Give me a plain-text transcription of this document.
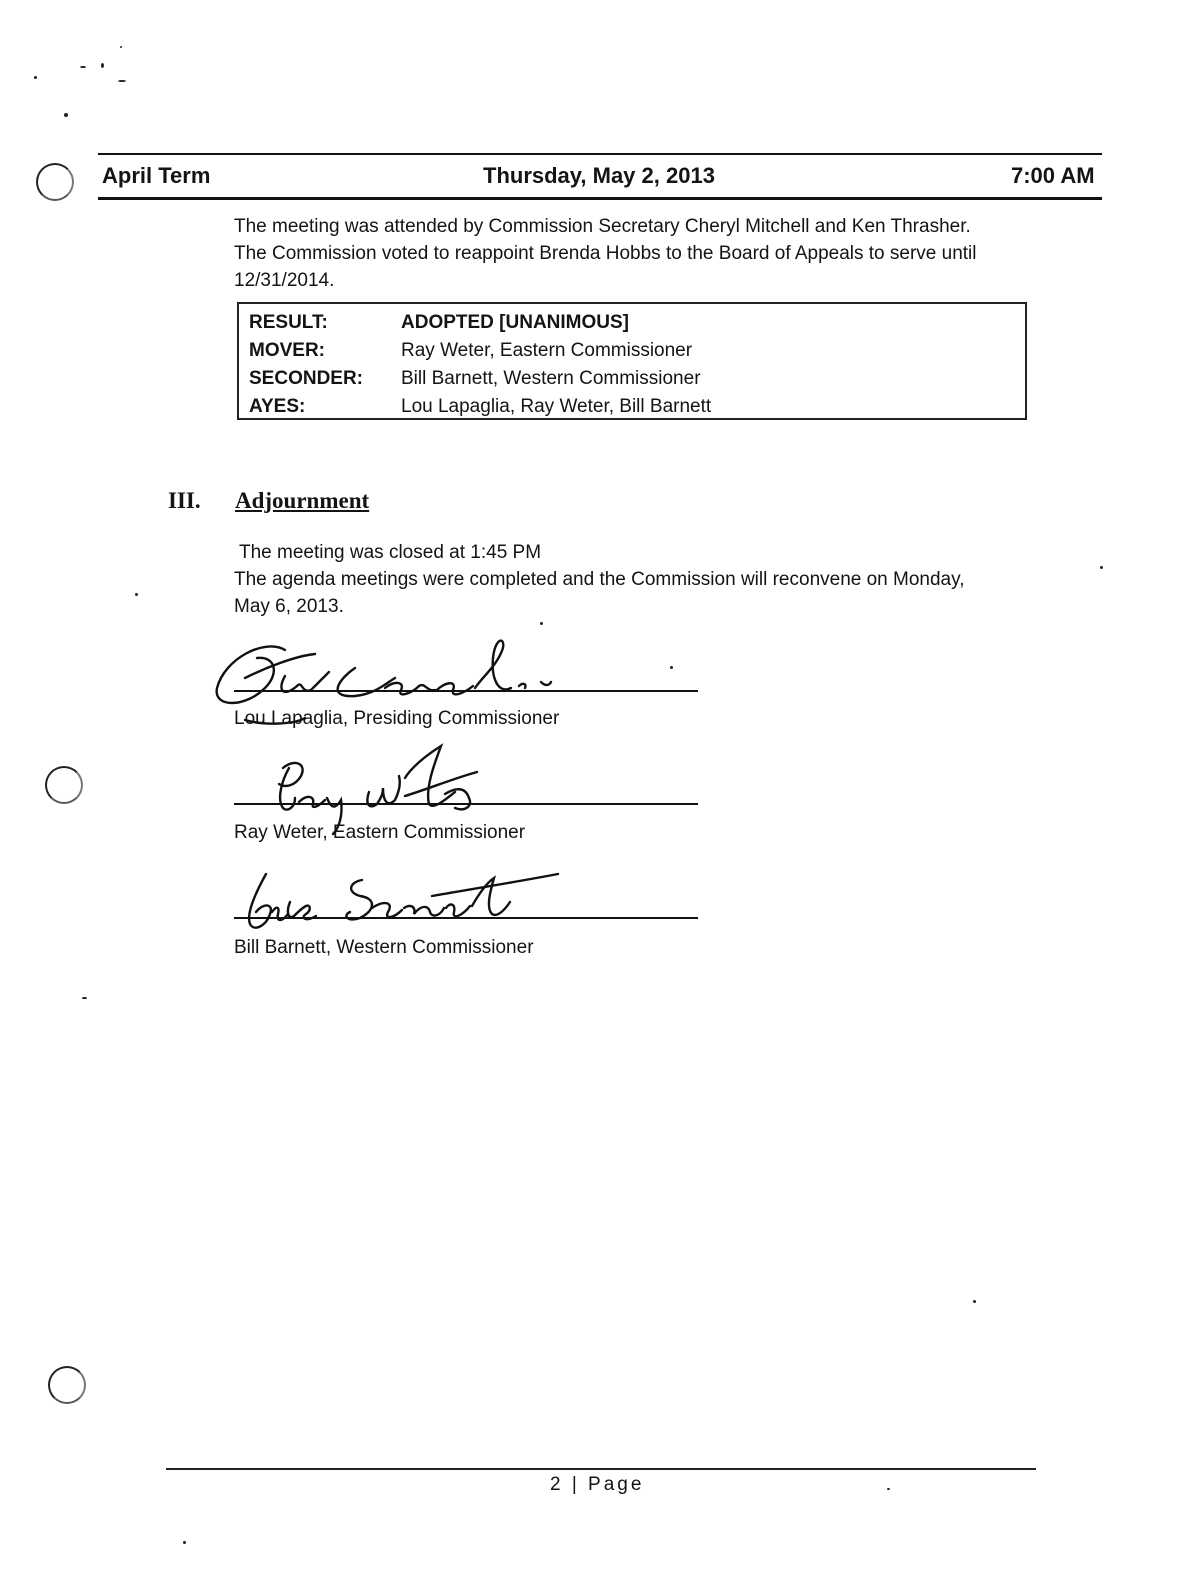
April Term	Thursday, May 2, 2013	7:00 AM
The meeting was attended by Commission Secretary Cheryl Mitchell and Ken Thrasher.
The Commission voted to reappoint Brenda Hobbs to the Board of Appeals to serve until
12/31/2014.
RESULT:	ADOPTED [UNANIMOUS]
MOVER:	Ray Weter, Eastern Commissioner
SECONDER: Bill Barnett, Western Commissioner
AYES:	Lou Lapaglia, Ray Weter, Bill Barnett
III. Adjournment
The meeting was closed at 1:45 PM
The agenda meetings were completed and the Commission will reconvene on Monday,
May 6, 2013.
Lou Lapaglia, Presiding Commissioner
Ray Weter, Eastern Commissioner
Bill Barnett, Western Commissioner
2 | Page
